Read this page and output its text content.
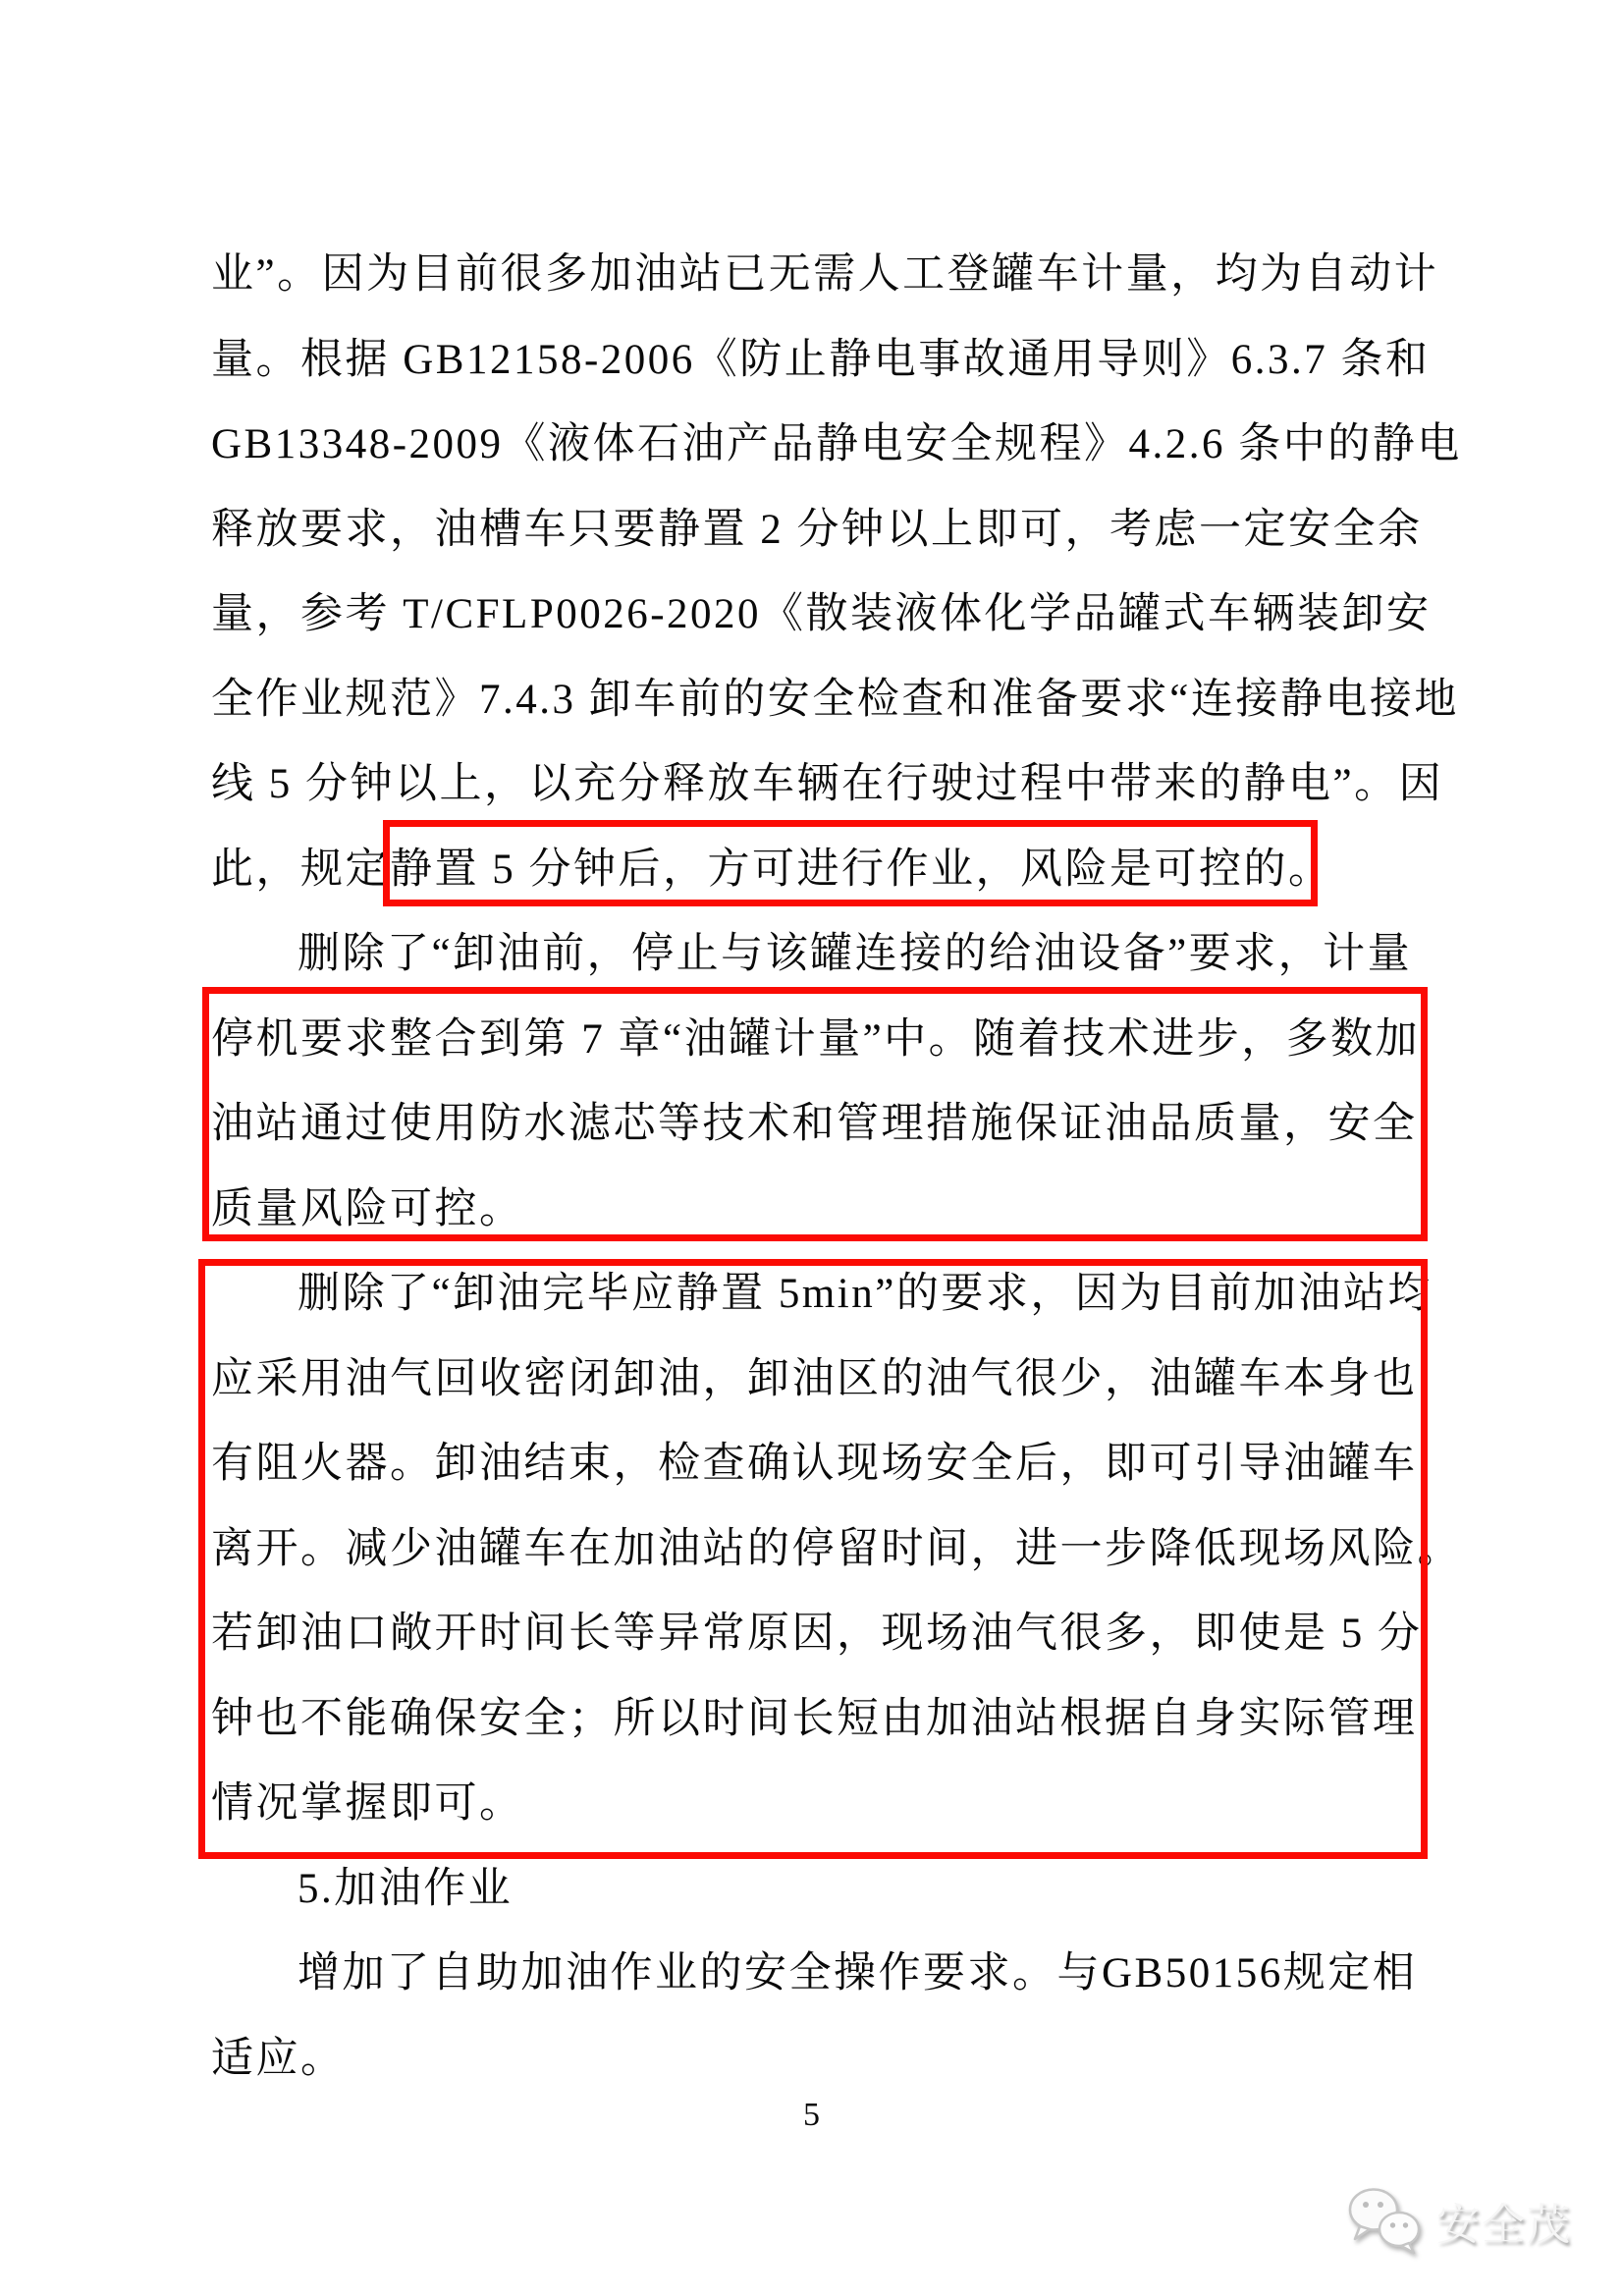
业”。因为目前很多加油站已无需人工登罐车计量，均为自动计
量。根据 GB12158-2006《防止静电事故通用导则》6.3.7 条和
GB13348-2009《液体石油产品静电安全规程》4.2.6 条中的静电
释放要求，油槽车只要静置 2 分钟以上即可，考虑一定安全余
量，参考 T/CFLP0026-2020《散装液体化学品罐式车辆装卸安
全作业规范》7.4.3 卸车前的安全检查和准备要求“连接静电接地
线 5 分钟以上，以充分释放车辆在行驶过程中带来的静电”。因
此，规定静置 5 分钟后，方可进行作业，风险是可控的。
删除了“卸油前，停止与该罐连接的给油设备”要求，计量
停机要求整合到第 7 章“油罐计量”中。随着技术进步，多数加
油站通过使用防水滤芯等技术和管理措施保证油品质量，安全
质量风险可控。
删除了“卸油完毕应静置 5min”的要求，因为目前加油站均
应采用油气回收密闭卸油，卸油区的油气很少，油罐车本身也
有阻火器。卸油结束，检查确认现场安全后，即可引导油罐车
离开。减少油罐车在加油站的停留时间，进一步降低现场风险。
若卸油口敞开时间长等异常原因，现场油气很多，即使是 5 分
钟也不能确保安全；所以时间长短由加油站根据自身实际管理
情况掌握即可。
5.加油作业
增加了自助加油作业的安全操作要求。与GB50156规定相
适应。
5
安全茂
